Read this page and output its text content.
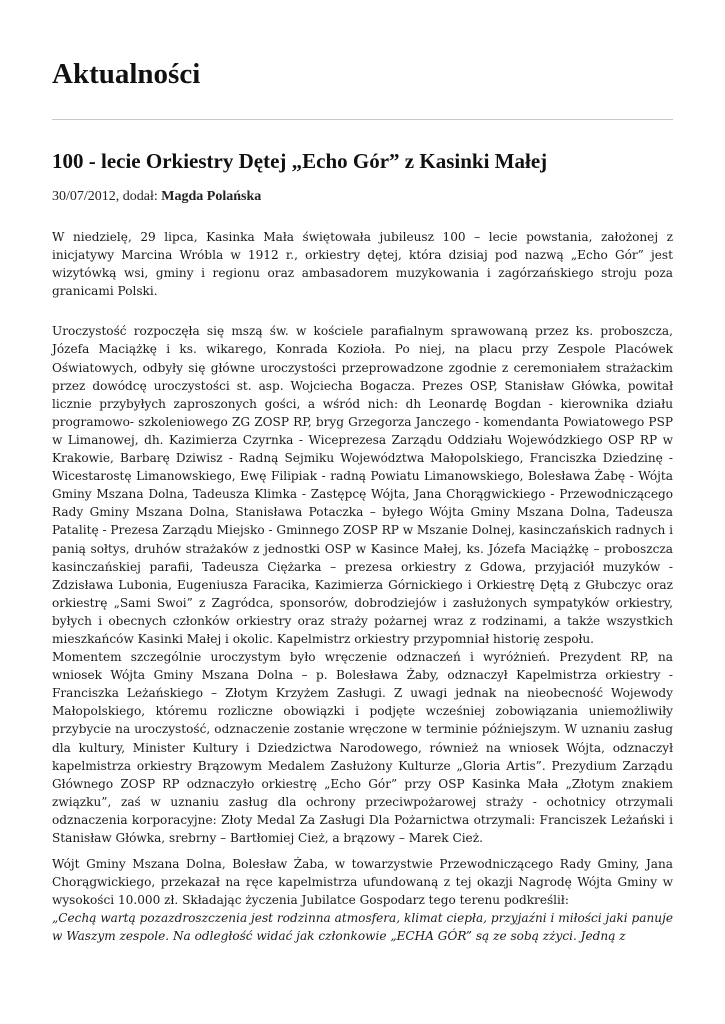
Aktualności
100 - lecie Orkiestry Dętej „Echo Gór” z Kasinki Małej
30/07/2012, dodał: Magda Polańska

W niedzielę, 29 lipca, Kasinka Mała świętowała jubileusz 100 – lecie powstania, założonej z inicjatywy Marcina Wróbla w 1912 r., orkiestry dętej, która dzisiaj pod nazwą „Echo Gór” jest wizytówką wsi, gminy i regionu oraz ambasadorem muzykowania i zagórzańskiego stroju poza granicami Polski.

Uroczystość rozpoczęła się mszą św. w kościele parafialnym sprawowaną przez ks. proboszcza, Józefa Maciążkę i ks. wikarego, Konrada Kozioła. Po niej, na placu przy Zespole Placówek Oświatowych, odbyły się główne uroczystości przeprowadzone zgodnie z ceremoniałem strażackim przez dowódcę uroczystości st. asp. Wojciecha Bogacza. Prezes OSP, Stanisław Główka, powitał licznie przybyłych zaproszonych gości, a wśród nich: dh Leonardę Bogdan - kierownika działu programowo- szkoleniowego ZG ZOSP RP, bryg Grzegorza Janczego - komendanta Powiatowego PSP w Limanowej, dh. Kazimierza Czyrnka - Wiceprezesa Zarządu Oddziału Wojewódzkiego OSP RP w Krakowie, Barbarę Dziwisz - Radną Sejmiku Województwa Małopolskiego, Franciszka Dziedzinę - Wicestarostę Limanowskiego, Ewę Filipiak - radną Powiatu Limanowskiego, Bolesława Żabę - Wójta Gminy Mszana Dolna, Tadeusza Klimka - Zastępcę Wójta, Jana Chorągwickiego - Przewodniczącego Rady Gminy Mszana Dolna, Stanisława Potaczka – byłego Wójta Gminy Mszana Dolna, Tadeusza Patalitę - Prezesa Zarządu Miejsko - Gminnego ZOSP RP w Mszanie Dolnej, kasinczańskich radnych i panią sołtys, druhów strażaków z jednostki OSP w Kasince Małej, ks. Józefa Maciążkę – proboszcza kasinczańskiej parafii, Tadeusza Ciężarka – prezesa orkiestry z Gdowa, przyjaciół muzyków - Zdzisława Lubonia, Eugeniusza Faracika, Kazimierza Górnickiego i Orkiestrę Dętą z Głubczyc oraz orkiestrę „Sami Swoi” z Zagródca, sponsorów, dobrodziejów i zasłużonych sympatyków orkiestry, byłych i obecnych członków orkiestry oraz straży pożarnej wraz z rodzinami, a także wszystkich mieszkańców Kasinki Małej i okolic. Kapelmistrz orkiestry przypomniał historię zespołu.

Momentem szczególnie uroczystym było wręczenie odznaczeń i wyróżnień. Prezydent RP, na wniosek Wójta Gminy Mszana Dolna – p. Bolesława Żaby, odznaczył Kapelmistrza orkiestry - Franciszka Leżańskiego – Złotym Krzyżem Zasługi. Z uwagi jednak na nieobecność Wojewody Małopolskiego, któremu rozliczne obowiązki i podjęte wcześniej zobowiązania uniemożliwiły przybycie na uroczystość, odznaczenie zostanie wręczone w terminie późniejszym. W uznaniu zasług dla kultury, Minister Kultury i Dziedzictwa Narodowego, również na wniosek Wójta, odznaczył kapelmistrza orkiestry Brązowym Medalem Zasłużony Kulturze „Gloria Artis”. Prezydium Zarządu Głównego ZOSP RP odznaczyło orkiestrę „Echo Gór” przy OSP Kasinka Mała „Złotym znakiem związku”, zaś w uznaniu zasług dla ochrony przeciwpożarowej straży - ochotnicy otrzymali odznaczenia korporacyjne: Złoty Medal Za Zasługi Dla Pożarnictwa otrzymali: Franciszek Leżański i Stanisław Główka, srebrny – Bartłomiej Cież, a brązowy – Marek Cież.

Wójt Gminy Mszana Dolna, Bolesław Żaba, w towarzystwie Przewodniczącego Rady Gminy, Jana Chorągwickiego, przekazał na ręce kapelmistrza ufundowaną z tej okazji Nagrodę Wójta Gminy w wysokości 10.000 zł. Składając życzenia Jubilatce Gospodarz tego terenu podkreślił:

„Cechą wartą pozazdroszczenia jest rodzinna atmosfera, klimat ciepła, przyjaźni i miłości jaki panuje w Waszym zespole. Na odległość widać jak członkowie „ECHA GÓR” są ze sobą zżyci. Jedną z
